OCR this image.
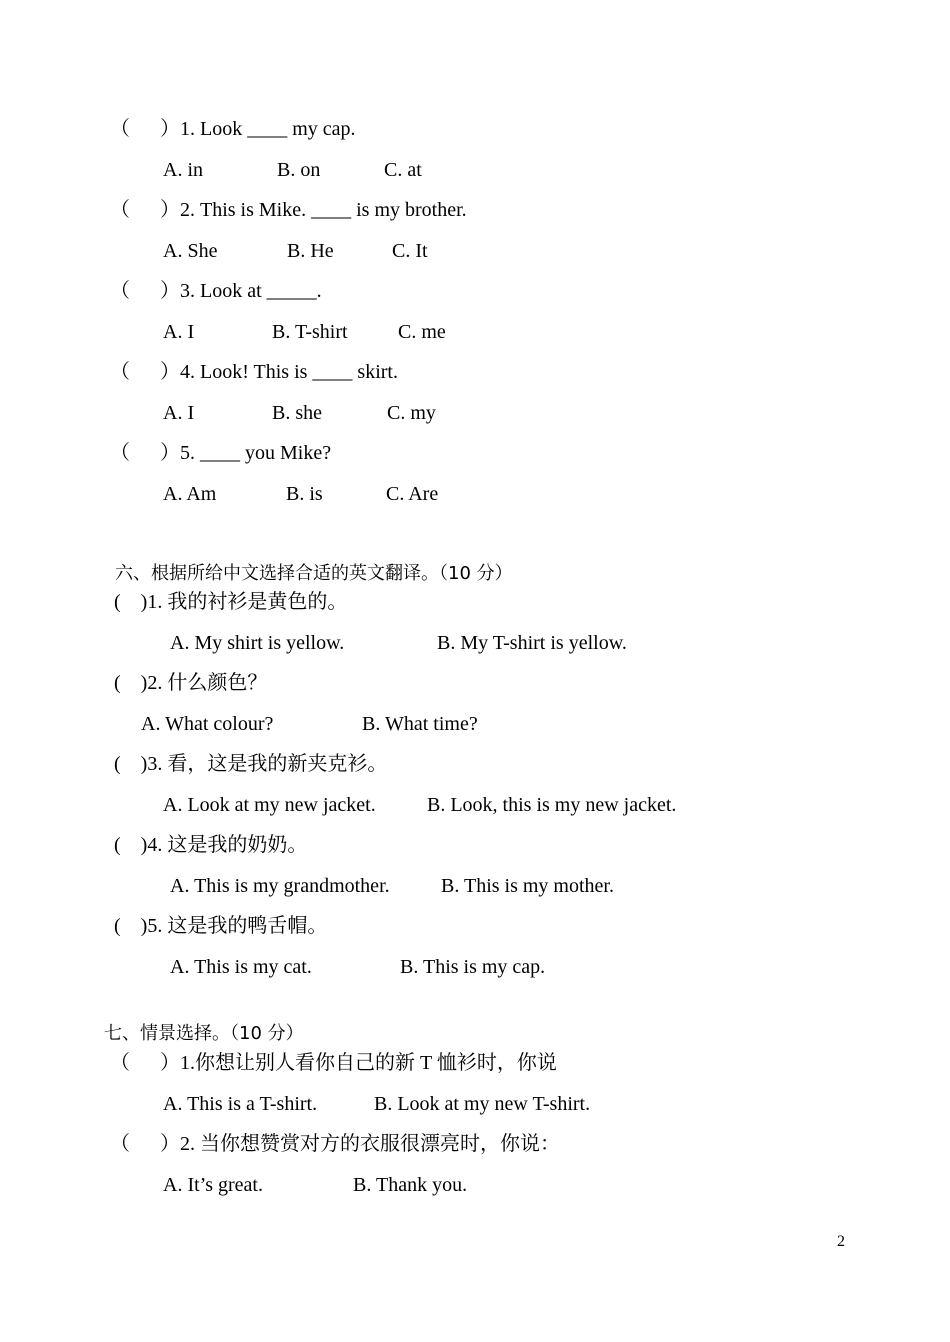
（      ）1. Look ____ my cap.
A. in	B. on	C. at
（      ）2. This is Mike. ____ is my brother.
A. She	B. He	C. It
（      ）3. Look at _____.
A. I	B. T-shirt	C. me
（      ）4. Look! This is ____ skirt.
A. I	B. she	C. my
（      ）5. ____ you Mike?
A. Am	B. is	C. Are
六、根据所给中文选择合适的英文翻译。（10 分）
(    )1. 我的衬衫是黄色的。
A. My shirt is yellow.	B. My T-shirt is yellow.
(    )2. 什么颜色？
A. What colour?	B. What time?
(    )3. 看，这是我的新夹克衫。
A. Look at my new jacket.	B. Look, this is my new jacket.
(    )4. 这是我的奶奶。
A. This is my grandmother.	B. This is my mother.
(    )5. 这是我的鸭舌帽。
A. This is my cat.	B. This is my cap.
七、情景选择。（10 分）
（      ）1.你想让别人看你自己的新 T 恤衫时，你说
A. This is a T-shirt.	B. Look at my new T-shirt.
（      ）2. 当你想赞赏对方的衣服很漂亮时，你说：
A. It’s great.	B. Thank you.
2
